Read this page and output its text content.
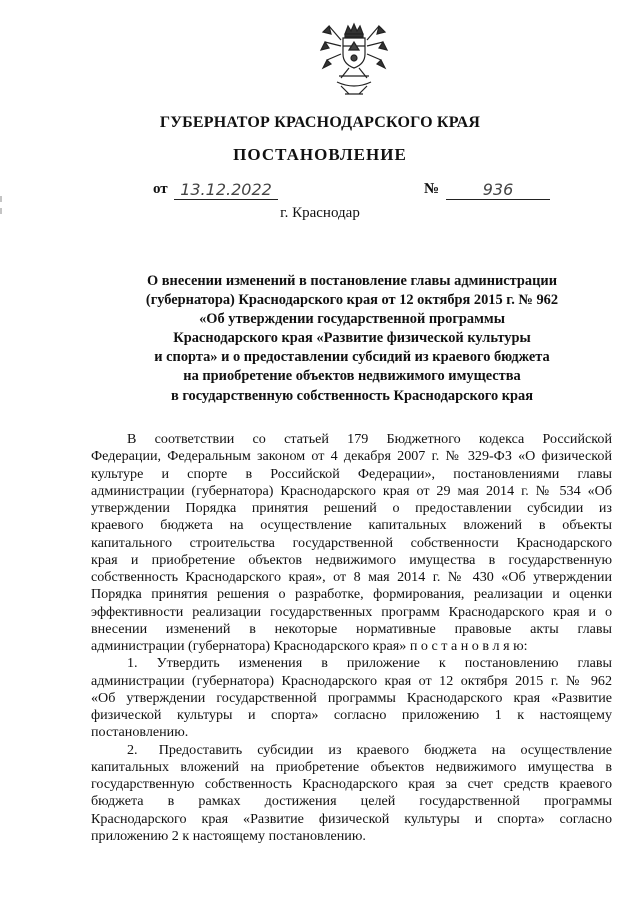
ГУБЕРНАТОР КРАСНОДАРСКОГО КРАЯ
ПОСТАНОВЛЕНИЕ
от 13.12.2022	№	936
г. Краснодар
О внесении изменений в постановление главы администрации
(губернатора) Краснодарского края от 12 октября 2015 г. № 962
«Об утверждении государственной программы
Краснодарского края «Развитие физической культуры
и спорта» и о предоставлении субсидий из краевого бюджета
на приобретение объектов недвижимого имущества
в государственную собственность Краснодарского края
В соответствии со статьей 179 Бюджетного кодекса Российской
Федерации, Федеральным законом от 4 декабря 2007 г. № 329-ФЗ «О физической
культуре и спорте в Российской Федерации», постановлениями главы
администрации (губернатора) Краснодарского края от 29 мая 2014 г. № 534 «Об
утверждении Порядка принятия решений о предоставлении субсидии из
краевого бюджета на осуществление капитальных вложений в объекты
капитального строительства государственной собственности Краснодарского
края и приобретение объектов недвижимого имущества в государственную
собственность Краснодарского края», от 8 мая 2014 г. № 430 «Об утверждении
Порядка принятия решения о разработке, формирования, реализации и оценки
эффективности реализации государственных программ Краснодарского края и о
внесении изменений в некоторые нормативные правовые акты главы
администрации (губернатора) Краснодарского края» п о с т а н о в л я ю:
1. Утвердить изменения в приложение к постановлению главы
администрации (губернатора) Краснодарского края от 12 октября 2015 г. № 962
«Об утверждении государственной программы Краснодарского края «Развитие
физической культуры и спорта» согласно приложению 1 к настоящему
постановлению.
2.  Предоставить субсидии из краевого бюджета на осуществление
капитальных вложений на приобретение объектов недвижимого имущества в
государственную собственность Краснодарского края за счет средств краевого
бюджета в рамках достижения целей государственной программы
Краснодарского края «Развитие физической культуры и спорта» согласно
приложению 2 к настоящему постановлению.
